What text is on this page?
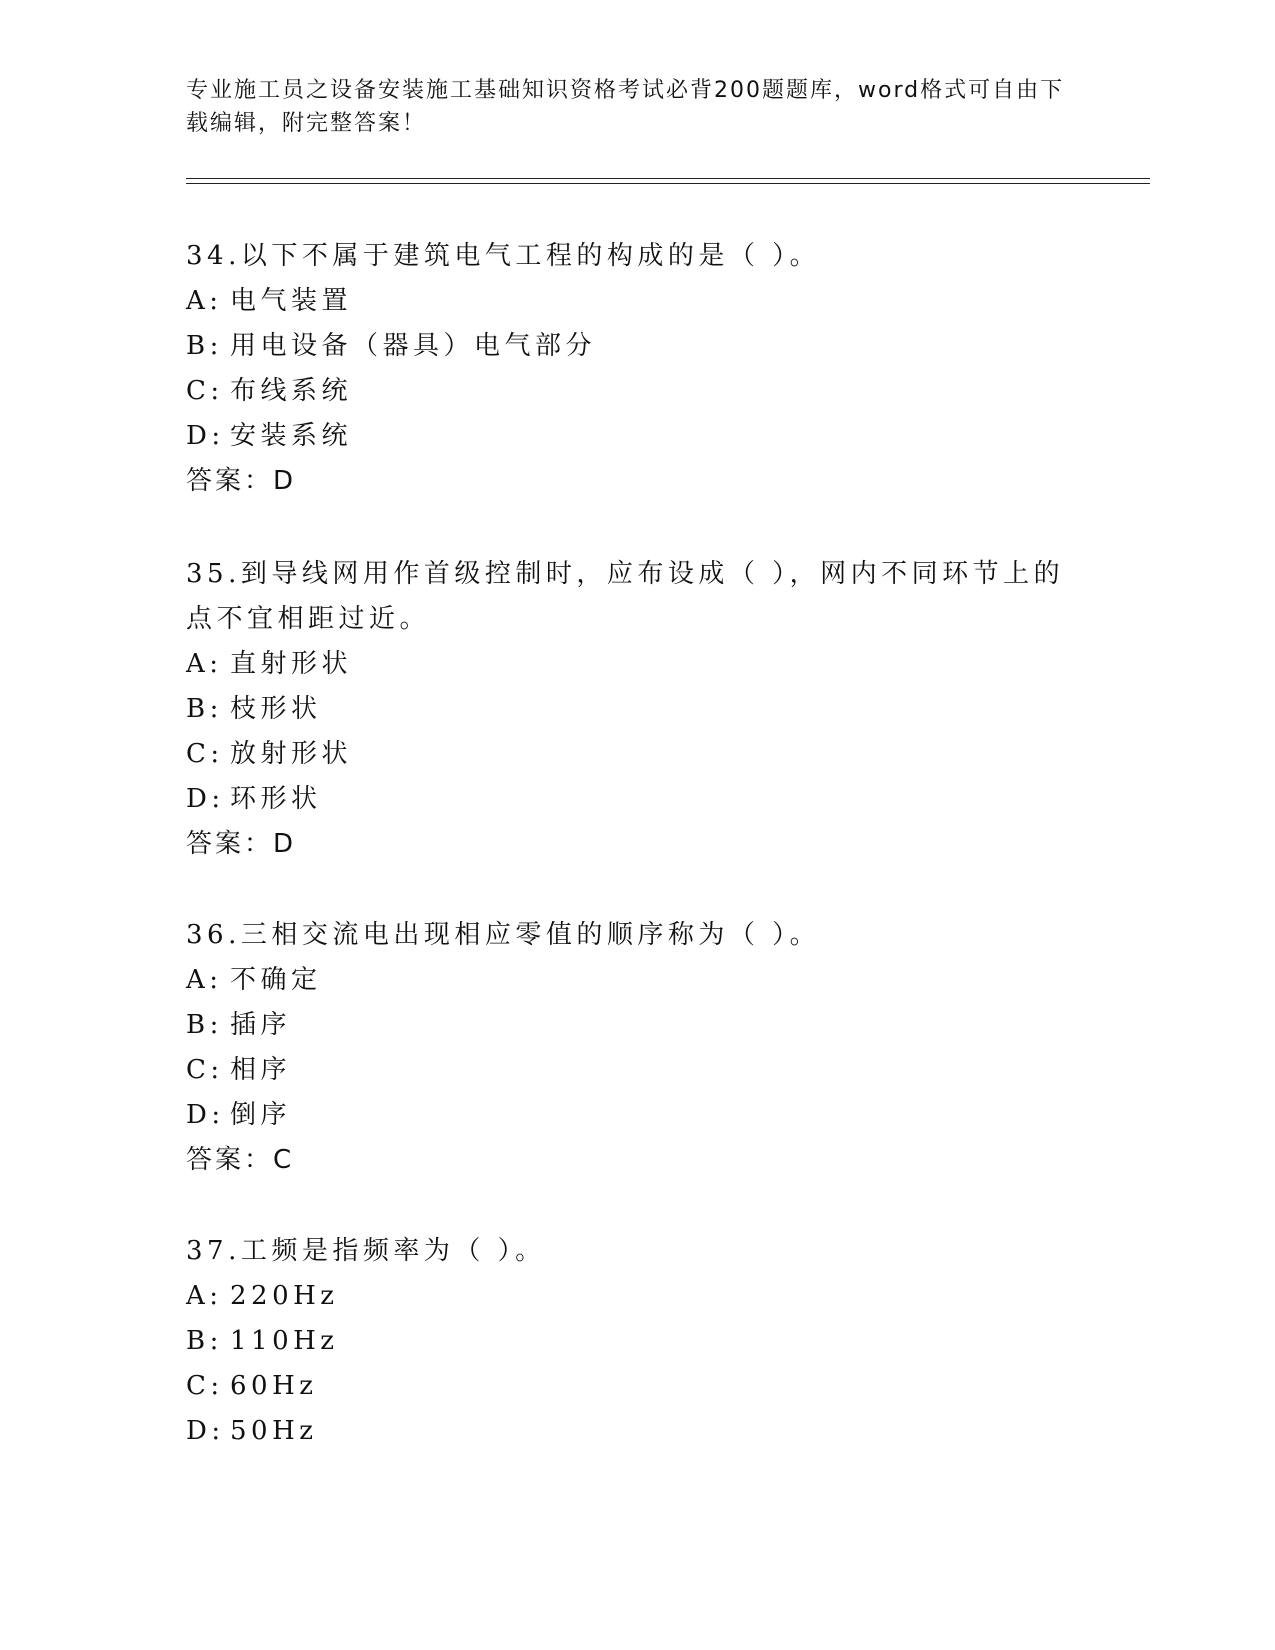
专业施工员之设备安装施工基础知识资格考试必背200题题库，word格式可自由下载编辑，附完整答案！
34.以下不属于建筑电气工程的构成的是（ ）。
A: 电气装置
B: 用电设备（器具）电气部分
C: 布线系统
D: 安装系统
答案：D
35.到导线网用作首级控制时，应布设成（ ），网内不同环节上的点不宜相距过近。
A: 直射形状
B: 枝形状
C: 放射形状
D: 环形状
答案：D
36.三相交流电出现相应零值的顺序称为（ ）。
A: 不确定
B: 插序
C: 相序
D: 倒序
答案：C
37.工频是指频率为（ ）。
A: 220Hz
B: 110Hz
C: 60Hz
D: 50Hz
